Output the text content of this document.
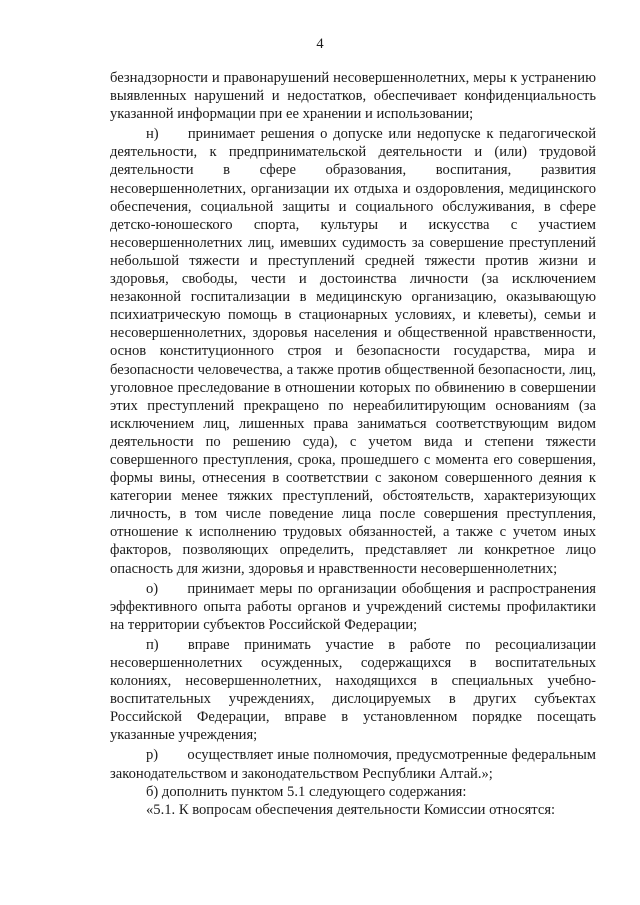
4

безнадзорности и правонарушений несовершеннолетних, меры к устранению выявленных нарушений и недостатков, обеспечивает конфиденциальность указанной информации при ее хранении и использовании;

н)  принимает решения о допуске или недопуске к педагогической деятельности, к предпринимательской деятельности и (или) трудовой деятельности в сфере образования, воспитания, развития несовершеннолетних, организации их отдыха и оздоровления, медицинского обеспечения, социальной защиты и социального обслуживания, в сфере детско-юношеского спорта, культуры и искусства с участием несовершеннолетних лиц, имевших судимость за совершение преступлений небольшой тяжести и преступлений средней тяжести против жизни и здоровья, свободы, чести и достоинства личности (за исключением незаконной госпитализации в медицинскую организацию, оказывающую психиатрическую помощь в стационарных условиях, и клеветы), семьи и несовершеннолетних, здоровья населения и общественной нравственности, основ конституционного строя и безопасности государства, мира и безопасности человечества, а также против общественной безопасности, лиц, уголовное преследование в отношении которых по обвинению в совершении этих преступлений прекращено по нереабилитирующим основаниям (за исключением лиц, лишенных права заниматься соответствующим видом деятельности по решению суда), с учетом вида и степени тяжести совершенного преступления, срока, прошедшего с момента его совершения, формы вины, отнесения в соответствии с законом совершенного деяния к категории менее тяжких преступлений, обстоятельств, характеризующих личность, в том числе поведение лица после совершения преступления, отношение к исполнению трудовых обязанностей, а также с учетом иных факторов, позволяющих определить, представляет ли конкретное лицо опасность для жизни, здоровья и нравственности несовершеннолетних;

о)  принимает меры по организации обобщения и распространения эффективного опыта работы органов и учреждений системы профилактики на территории субъектов Российской Федерации;

п)  вправе принимать участие в работе по ресоциализации несовершеннолетних осужденных, содержащихся в воспитательных колониях, несовершеннолетних, находящихся в специальных учебно-воспитательных учреждениях, дислоцируемых в других субъектах Российской Федерации, вправе в установленном порядке посещать указанные учреждения;

р)  осуществляет иные полномочия, предусмотренные федеральным законодательством и законодательством Республики Алтай.»;

б) дополнить пунктом 5.1 следующего содержания:

«5.1. К вопросам обеспечения деятельности Комиссии относятся:
